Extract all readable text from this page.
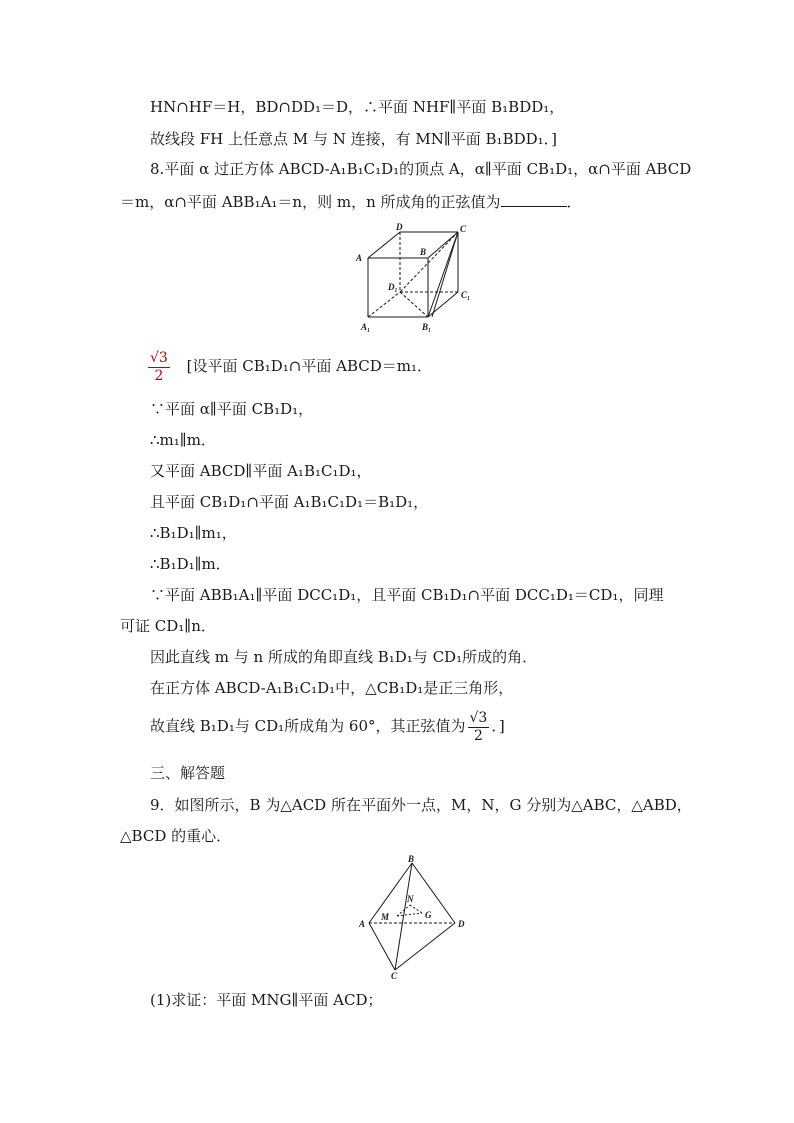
HN∩HF＝H，BD∩DD₁＝D，∴平面 NHF∥平面 B₁BDD₁，
故线段 FH 上任意点 M 与 N 连接，有 MN∥平面 B₁BDD₁．]
8.平面 α 过正方体 ABCD-A₁B₁C₁D₁的顶点 A，α∥平面 CB₁D₁，α∩平面 ABCD
＝m，α∩平面 ABB₁A₁＝n，则 m，n 所成角的正弦值为	．
D	C
A
B
D₁
C₁
A₁	B₁
$\frac{√3}{2}$ [设平面 CB₁D₁∩平面 ABCD＝m₁．
∵平面 α∥平面 CB₁D₁，
∴m₁∥m．
又平面 ABCD∥平面 A₁B₁C₁D₁，
且平面 CB₁D₁∩平面 A₁B₁C₁D₁＝B₁D₁，
∴B₁D₁∥m₁，
∴B₁D₁∥m．
∵平面 ABB₁A₁∥平面 DCC₁D₁，且平面 CB₁D₁∩平面 DCC₁D₁＝CD₁，同理
可证 CD₁∥n．
因此直线 m 与 n 所成的角即直线 B₁D₁与 CD₁所成的角．
在正方体 ABCD-A₁B₁C₁D₁中，△CB₁D₁是正三角形，
故直线 B₁D₁与 CD₁所成角为 60°，其正弦值为 $\frac{√3}{2}$ ．]
三、解答题
9．如图所示，B 为△ACD 所在平面外一点，M，N，G 分别为△ABC，△ABD，
△BCD 的重心．
B
A	D
C
M
N
G
(1)求证：平面 MNG∥平面 ACD；
